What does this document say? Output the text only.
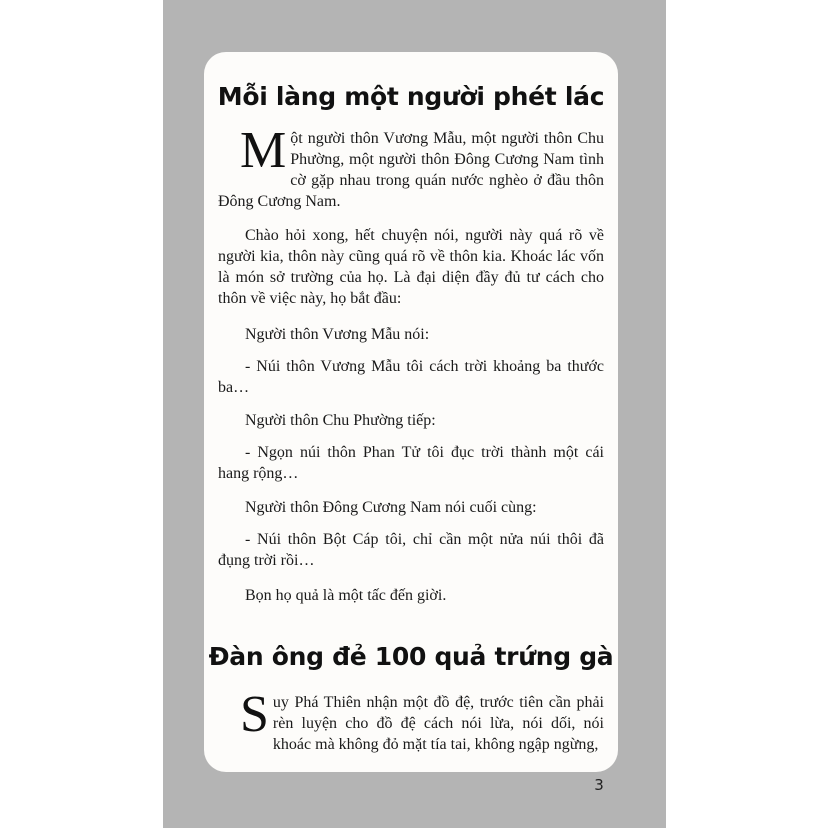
Mỗi làng một người phét lác
Một người thôn Vương Mẫu, một người thôn Chu Phường, một người thôn Đông Cương Nam tình cờ gặp nhau trong quán nước nghèo ở đầu thôn Đông Cương Nam.
Chào hỏi xong, hết chuyện nói, người này quá rõ về người kia, thôn này cũng quá rõ về thôn kia. Khoác lác vốn là món sở trường của họ. Là đại diện đầy đủ tư cách cho thôn về việc này, họ bắt đầu:
Người thôn Vương Mẫu nói:
- Núi thôn Vương Mẫu tôi cách trời khoảng ba thước ba…
Người thôn Chu Phường tiếp:
- Ngọn núi thôn Phan Tử tôi đục trời thành một cái hang rộng…
Người thôn Đông Cương Nam nói cuối cùng:
- Núi thôn Bột Cáp tôi, chỉ cần một nửa núi thôi đã đụng trời rồi…
Bọn họ quả là một tấc đến giời.
Đàn ông đẻ 100 quả trứng gà
Suy Phá Thiên nhận một đồ đệ, trước tiên cần phải rèn luyện cho đồ đệ cách nói lừa, nói dối, nói khoác mà không đỏ mặt tía tai, không ngập ngừng,
3
